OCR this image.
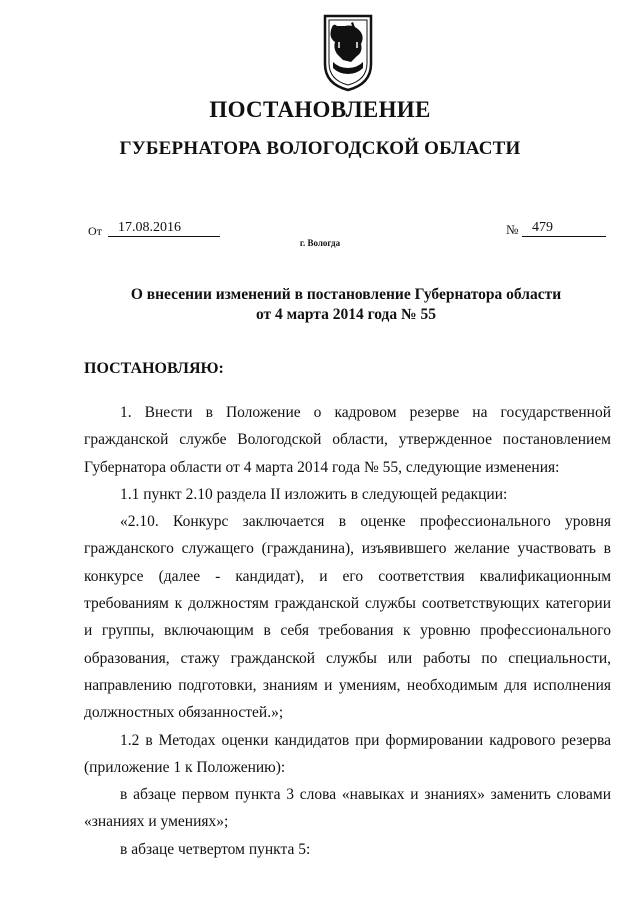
ПОСТАНОВЛЕНИЕ
ГУБЕРНАТОРА ВОЛОГОДСКОЙ ОБЛАСТИ
От	17.08.2016	№ 479
г. Вологда
О внесении изменений в постановление Губернатора области
от 4 марта 2014 года № 55
ПОСТАНОВЛЯЮ:

1. Внести в Положение о кадровом резерве на государственной гражданской службе Вологодской области, утвержденное постановлением Губернатора области от 4 марта 2014 года № 55, следующие изменения:

1.1 пункт 2.10 раздела II изложить в следующей редакции:

«2.10. Конкурс заключается в оценке профессионального уровня гражданского служащего (гражданина), изъявившего желание участвовать в конкурсе (далее - кандидат), и его соответствия квалификационным требованиям к должностям гражданской службы соответствующих категории и группы, включающим в себя требования к уровню профессионального образования, стажу гражданской службы или работы по специальности, направлению подготовки, знаниям и умениям, необходимым для исполнения должностных обязанностей.»;

1.2 в Методах оценки кандидатов при формировании кадрового резерва (приложение 1 к Положению):

в абзаце первом пункта 3 слова «навыках и знаниях» заменить словами «знаниях и умениях»;

в абзаце четвертом пункта 5:
